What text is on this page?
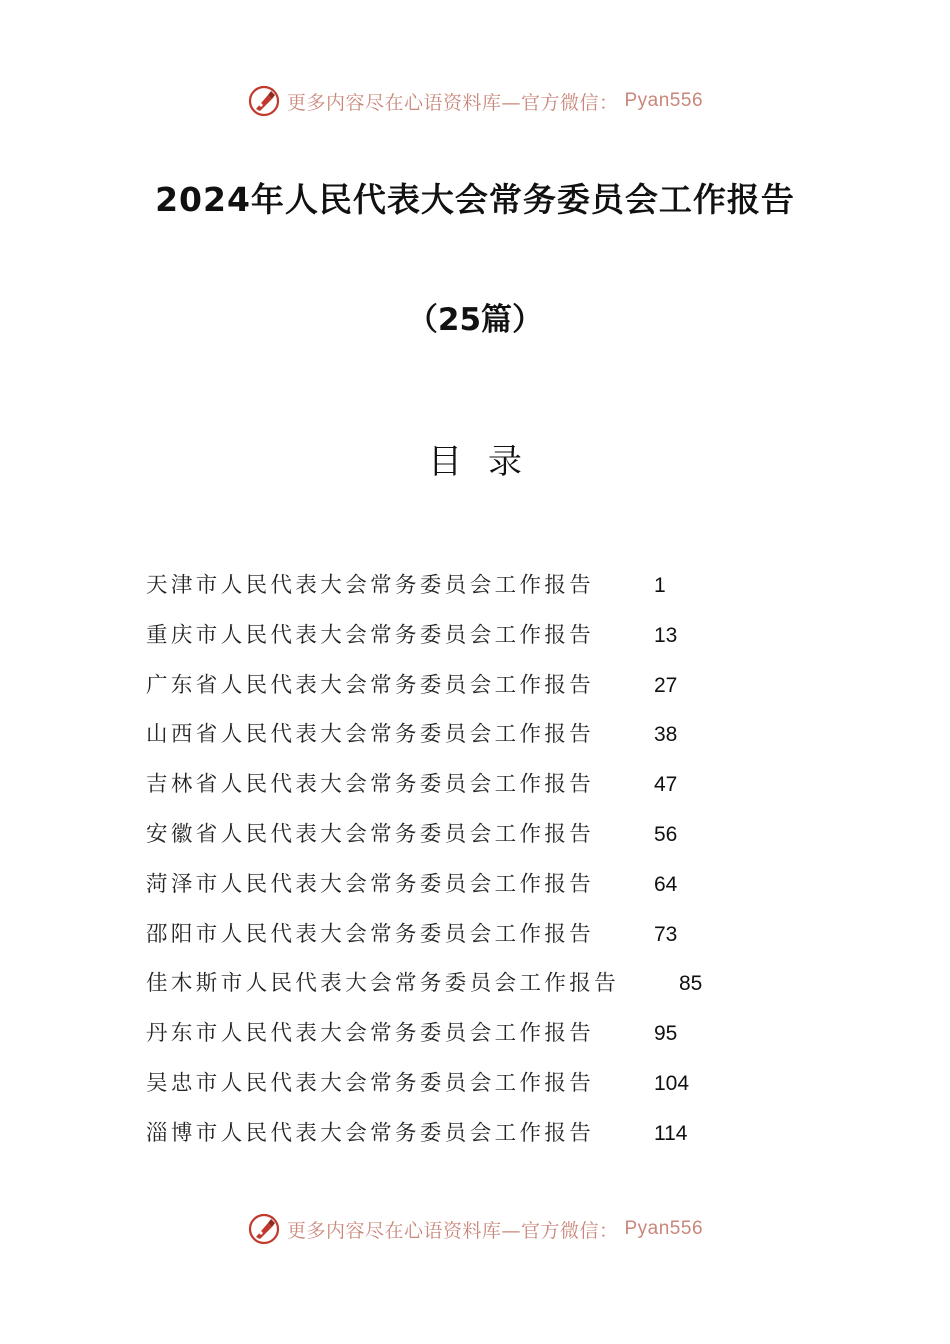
更多内容尽在心语资料库—官方微信： Pyan556
2024年人民代表大会常务委员会工作报告
（25篇）
目录
天津市人民代表大会常务委员会工作报告	1
重庆市人民代表大会常务委员会工作报告	13
广东省人民代表大会常务委员会工作报告	27
山西省人民代表大会常务委员会工作报告	38
吉林省人民代表大会常务委员会工作报告	47
安徽省人民代表大会常务委员会工作报告	56
菏泽市人民代表大会常务委员会工作报告	64
邵阳市人民代表大会常务委员会工作报告	73
佳木斯市人民代表大会常务委员会工作报告	85
丹东市人民代表大会常务委员会工作报告	95
吴忠市人民代表大会常务委员会工作报告	104
淄博市人民代表大会常务委员会工作报告	114
更多内容尽在心语资料库—官方微信： Pyan556
